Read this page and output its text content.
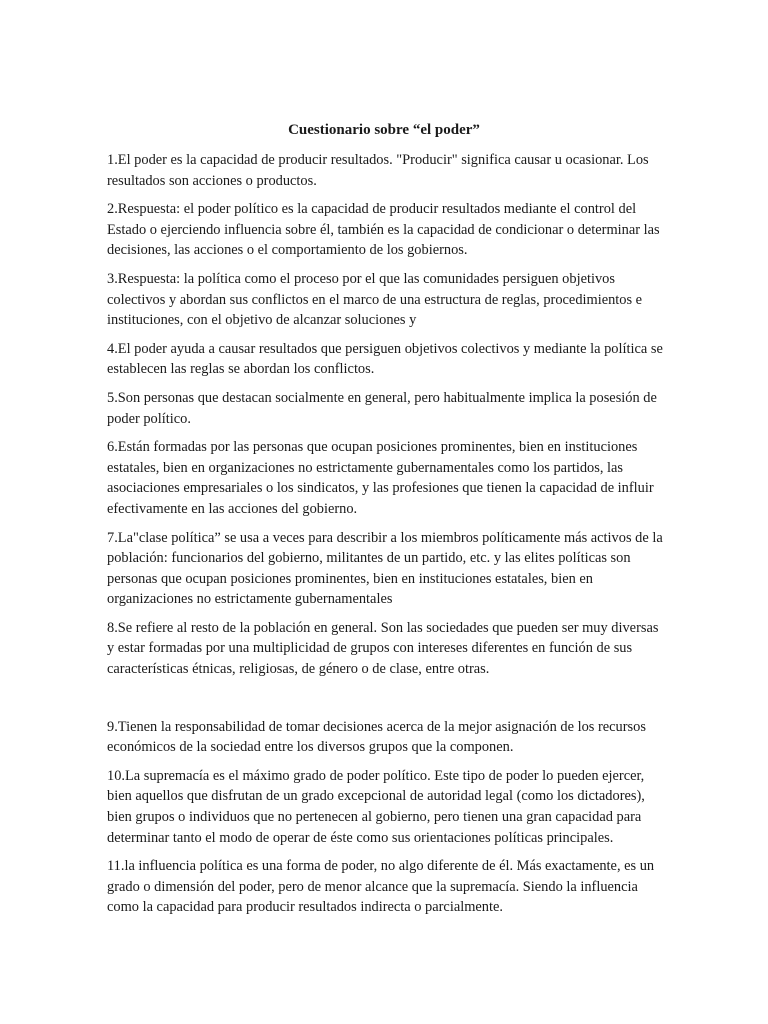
Cuestionario sobre “el poder”

1.El poder es la capacidad de producir resultados. "Producir" significa causar u ocasionar. Los resultados son acciones o productos.

2.Respuesta: el poder político es la capacidad de producir resultados mediante el control del Estado o ejerciendo influencia sobre él, también es la capacidad de condicionar o determinar las decisiones, las acciones o el comportamiento de los gobiernos.

3.Respuesta: la política como el proceso por el que las comunidades persiguen objetivos colectivos y abordan sus conflictos en el marco de una estructura de reglas, procedimientos e instituciones, con el objetivo de alcanzar soluciones y

4.El poder ayuda a causar resultados que persiguen objetivos colectivos y mediante la política se establecen las reglas se abordan los conflictos.

5.Son personas que destacan socialmente en general, pero habitualmente implica la posesión de poder político.

6.Están formadas por las personas que ocupan posiciones prominentes, bien en instituciones estatales, bien en organizaciones no estrictamente gubernamentales como los partidos, las asociaciones empresariales o los sindicatos, y las profesiones que tienen la capacidad de influir efectivamente en las acciones del gobierno.

7.La"clase política” se usa a veces para describir a los miembros políticamente más activos de la población: funcionarios del gobierno, militantes de un partido, etc. y las elites políticas son personas que ocupan posiciones prominentes, bien en instituciones estatales, bien en organizaciones no estrictamente gubernamentales

8.Se refiere al resto de la población en general. Son las sociedades que pueden ser muy diversas y estar formadas por una multiplicidad de grupos con intereses diferentes en función de sus características étnicas, religiosas, de género o de clase, entre otras.

9.Tienen la responsabilidad de tomar decisiones acerca de la mejor asignación de los recursos económicos de la sociedad entre los diversos grupos que la componen.

10.La supremacía es el máximo grado de poder político. Este tipo de poder lo pueden ejercer, bien aquellos que disfrutan de un grado excepcional de autoridad legal (como los dictadores), bien grupos o individuos que no pertenecen al gobierno, pero tienen una gran capacidad para determinar tanto el modo de operar de éste como sus orientaciones políticas principales.

11.la influencia política es una forma de poder, no algo diferente de él. Más exactamente, es un grado o dimensión del poder, pero de menor alcance que la supremacía. Siendo la influencia como la capacidad para producir resultados indirecta o parcialmente.
